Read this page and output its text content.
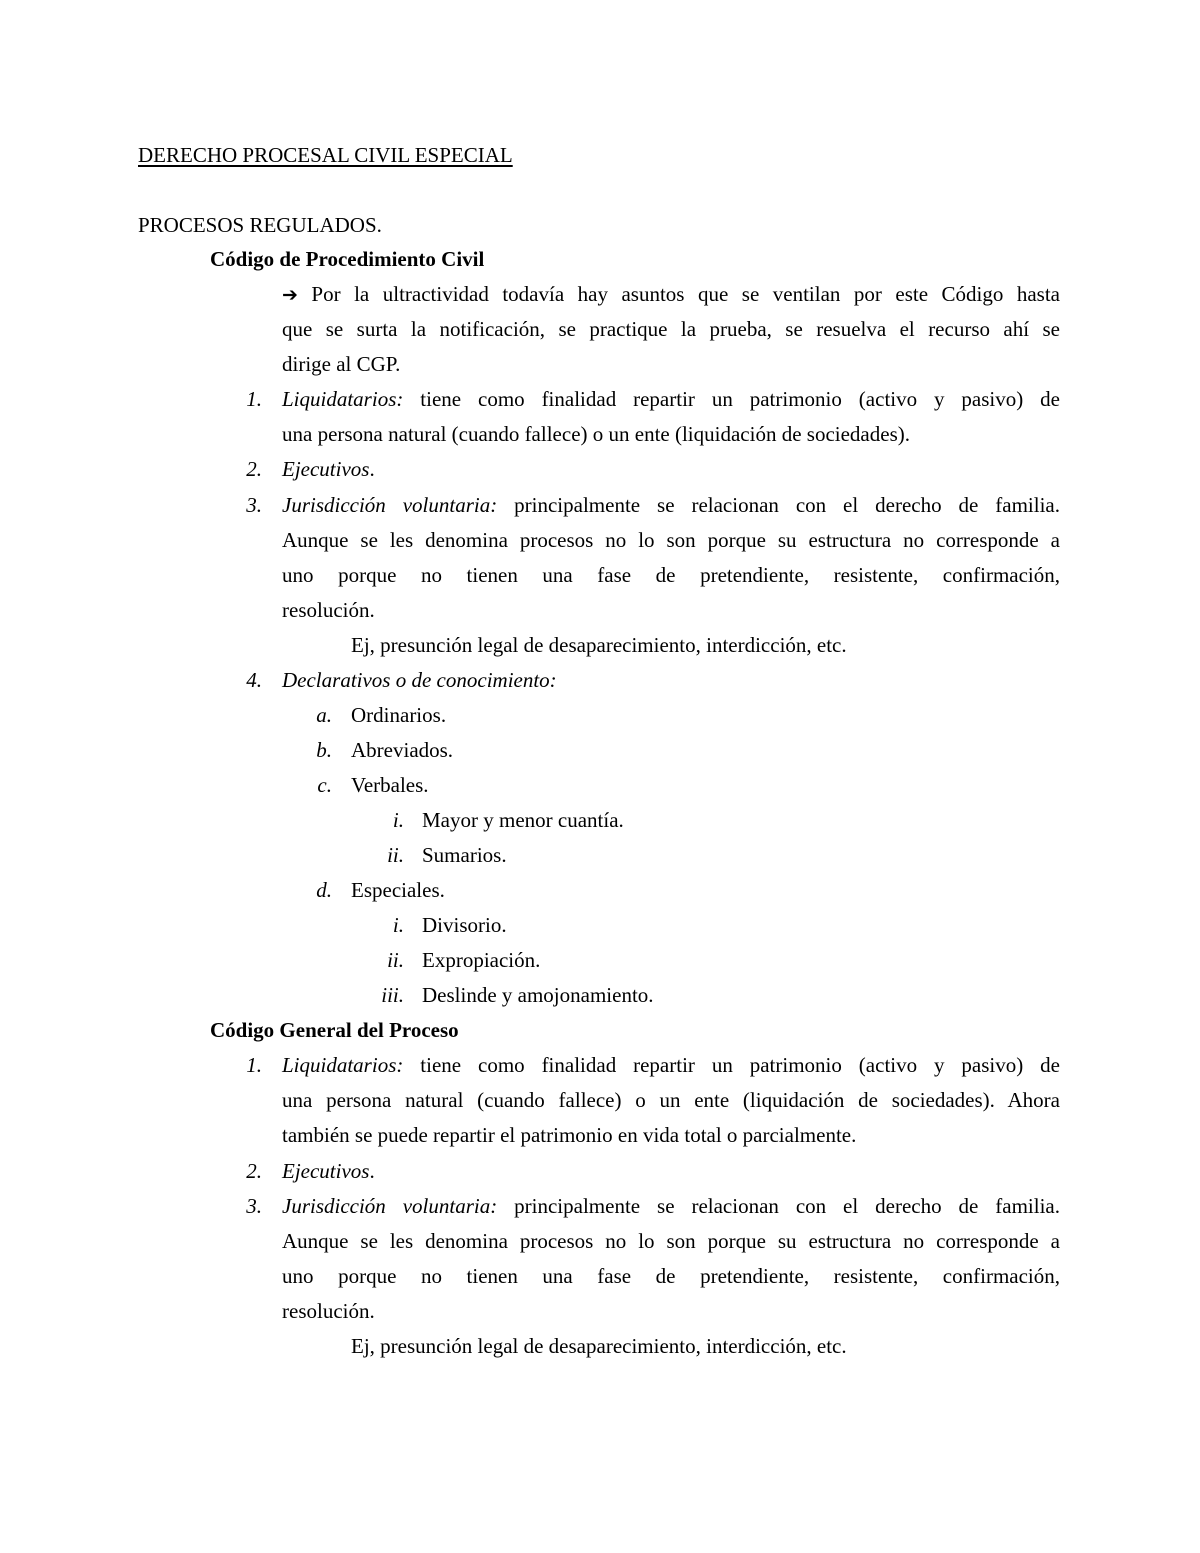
DERECHO PROCESAL CIVIL ESPECIAL
PROCESOS REGULADOS.
Código de Procedimiento Civil
➔ Por la ultractividad todavía hay asuntos que se ventilan por este Código hasta
que se surta la notificación, se practique la prueba, se resuelva el recurso ahí se
dirige al CGP.
1. Liquidatarios: tiene como finalidad repartir un patrimonio (activo y pasivo) de
una persona natural (cuando fallece) o un ente (liquidación de sociedades).
2. Ejecutivos.
3. Jurisdicción voluntaria: principalmente se relacionan con el derecho de familia.
Aunque se les denomina procesos no lo son porque su estructura no corresponde a
uno porque no tienen una fase de pretendiente, resistente, confirmación,
resolución.
Ej, presunción legal de desaparecimiento, interdicción, etc.
4. Declarativos o de conocimiento:
a. Ordinarios.
b. Abreviados.
c. Verbales.
i. Mayor y menor cuantía.
ii. Sumarios.
d. Especiales.
i. Divisorio.
ii. Expropiación.
iii. Deslinde y amojonamiento.
Código General del Proceso
1. Liquidatarios: tiene como finalidad repartir un patrimonio (activo y pasivo) de
una persona natural (cuando fallece) o un ente (liquidación de sociedades). Ahora
también se puede repartir el patrimonio en vida total o parcialmente.
2. Ejecutivos.
3. Jurisdicción voluntaria: principalmente se relacionan con el derecho de familia.
Aunque se les denomina procesos no lo son porque su estructura no corresponde a
uno porque no tienen una fase de pretendiente, resistente, confirmación,
resolución.
Ej, presunción legal de desaparecimiento, interdicción, etc.
